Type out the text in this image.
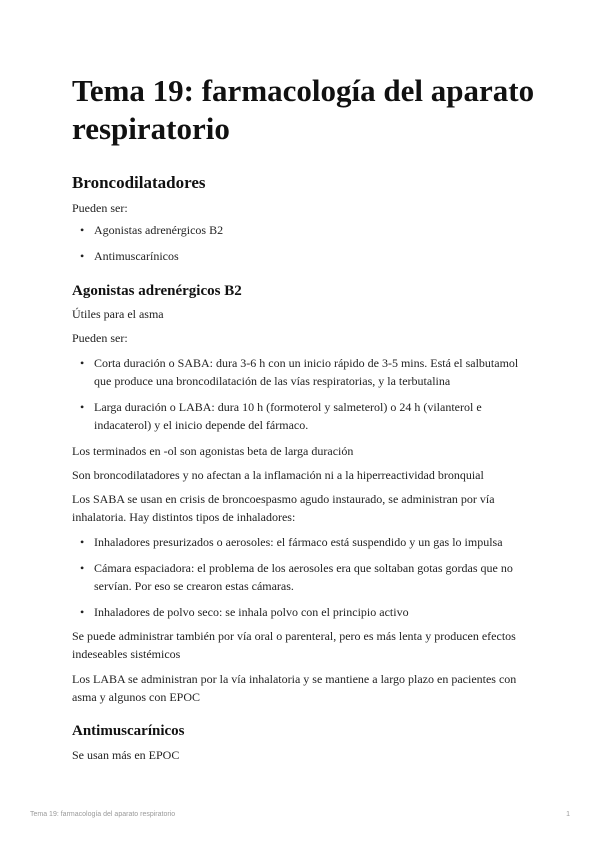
Tema 19: farmacología del aparato respiratorio
Broncodilatadores

Pueden ser:

• Agonistas adrenérgicos B2
• Antimuscarínicos
Agonistas adrenérgicos B2

Útiles para el asma

Pueden ser:

• Corta duración o SABA: dura 3-6 h con un inicio rápido de 3-5 mins. Está el salbutamol que produce una broncodilatación de las vías respiratorias, y la terbutalina
• Larga duración o LABA: dura 10 h (formoterol y salmeterol) o 24 h (vilanterol e indacaterol) y el inicio depende del fármaco.

Los terminados en -ol son agonistas beta de larga duración

Son broncodilatadores y no afectan a la inflamación ni a la hiperreactividad bronquial

Los SABA se usan en crisis de broncoespasmo agudo instaurado, se administran por vía inhalatoria. Hay distintos tipos de inhaladores:

• Inhaladores presurizados o aerosoles: el fármaco está suspendido y un gas lo impulsa
• Cámara espaciadora: el problema de los aerosoles era que soltaban gotas gordas que no servían. Por eso se crearon estas cámaras.
• Inhaladores de polvo seco: se inhala polvo con el principio activo

Se puede administrar también por vía oral o parenteral, pero es más lenta y producen efectos indeseables sistémicos

Los LABA se administran por la vía inhalatoria y se mantiene a largo plazo en pacientes con asma y algunos con EPOC

Antimuscarínicos

Se usan más en EPOC

Tema 19: farmacología del aparato respiratorio	1
